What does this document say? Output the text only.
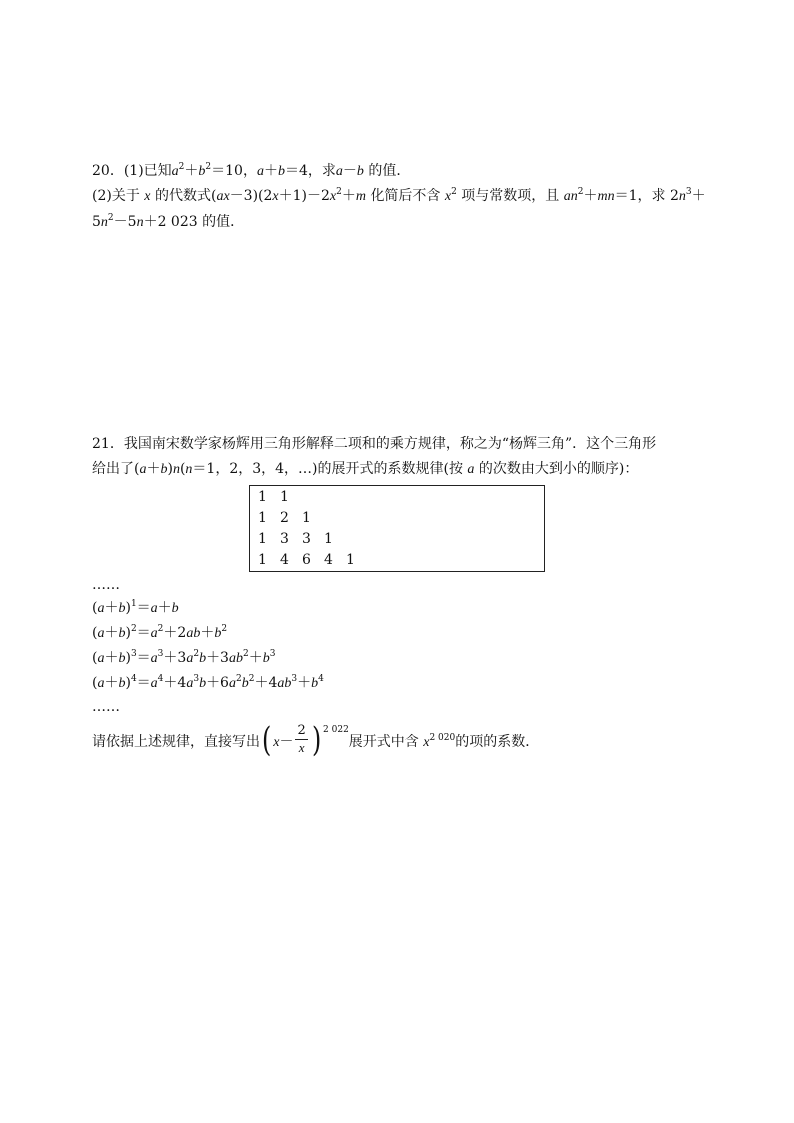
20．(1)已知$a^2+b^2=10$，a＋b＝4，求a－b 的值．
(2)关于 x 的代数式$(ax-3)(2x+1)-2x^2+m$ 化简后不含 $x^2$ 项与常数项，且 $an^2+mn=1$，求 $2n^3+$
$5n^2-5n+2$ 023 的值．
21．我国南宋数学家杨辉用三角形解释二项和的乘方规律，称之为“杨辉三角”．这个三角形
给出了(a＋b)n(n＝1，2，3，4，…)的展开式的系数规律(按 a 的次数由大到小的顺序)：
1 1
1 2 1
1 3 3 1
1 4 6 4 1
……
$(a+b)^1=a+b$
$(a+b)^2=a^2+2ab+b^2$
$(a+b)^3=a^3+3a^2b+3ab^2+b^3$
$(a+b)^4=a^4+4a^3b+6a^2b^2+4ab^3+b^4$
……
请依据上述规律，直接写出( $x- \frac{2}{x}$ ) $^{2 022}$展开式中含 $x^{2 020}$的项的系数．
